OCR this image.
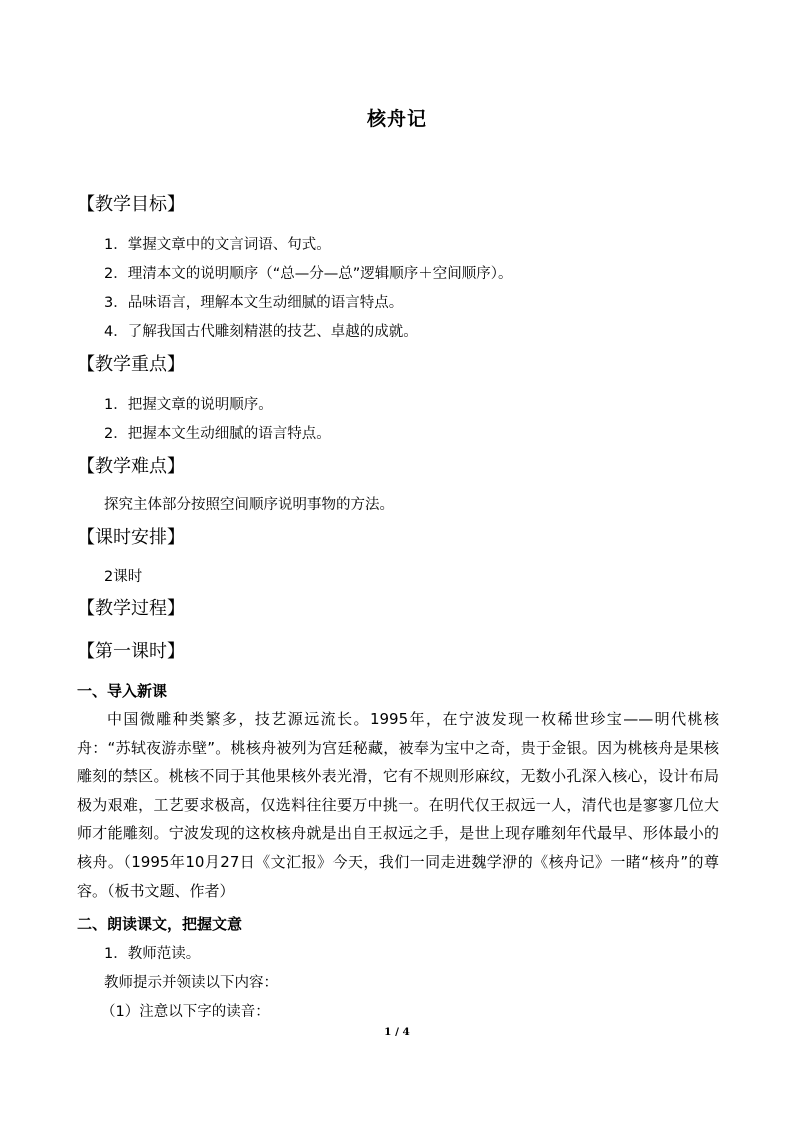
核舟记
【教学目标】
1．掌握文章中的文言词语、句式。
2．理清本文的说明顺序（“总—分—总”逻辑顺序＋空间顺序）。
3．品味语言，理解本文生动细腻的语言特点。
4．了解我国古代雕刻精湛的技艺、卓越的成就。
【教学重点】
1．把握文章的说明顺序。
2．把握本文生动细腻的语言特点。
【教学难点】
探究主体部分按照空间顺序说明事物的方法。
【课时安排】
2课时
【教学过程】
【第一课时】
一、导入新课
中国微雕种类繁多，技艺源远流长。1995年，在宁波发现一枚稀世珍宝——明代桃核舟：“苏轼夜游赤壁”。桃核舟被列为宫廷秘藏，被奉为宝中之奇，贵于金银。因为桃核舟是果核雕刻的禁区。桃核不同于其他果核外表光滑，它有不规则形麻纹，无数小孔深入核心，设计布局极为艰难，工艺要求极高，仅选料往往要万中挑一。在明代仅王叔远一人，清代也是寥寥几位大师才能雕刻。宁波发现的这枚核舟就是出自王叔远之手，是世上现存雕刻年代最早、形体最小的核舟。（1995年10月27日《文汇报》今天，我们一同走进魏学洢的《核舟记》一睹“核舟”的尊容。（板书文题、作者）
二、朗读课文，把握文意
1．教师范读。
教师提示并领读以下内容：
（1）注意以下字的读音：
1 / 4
